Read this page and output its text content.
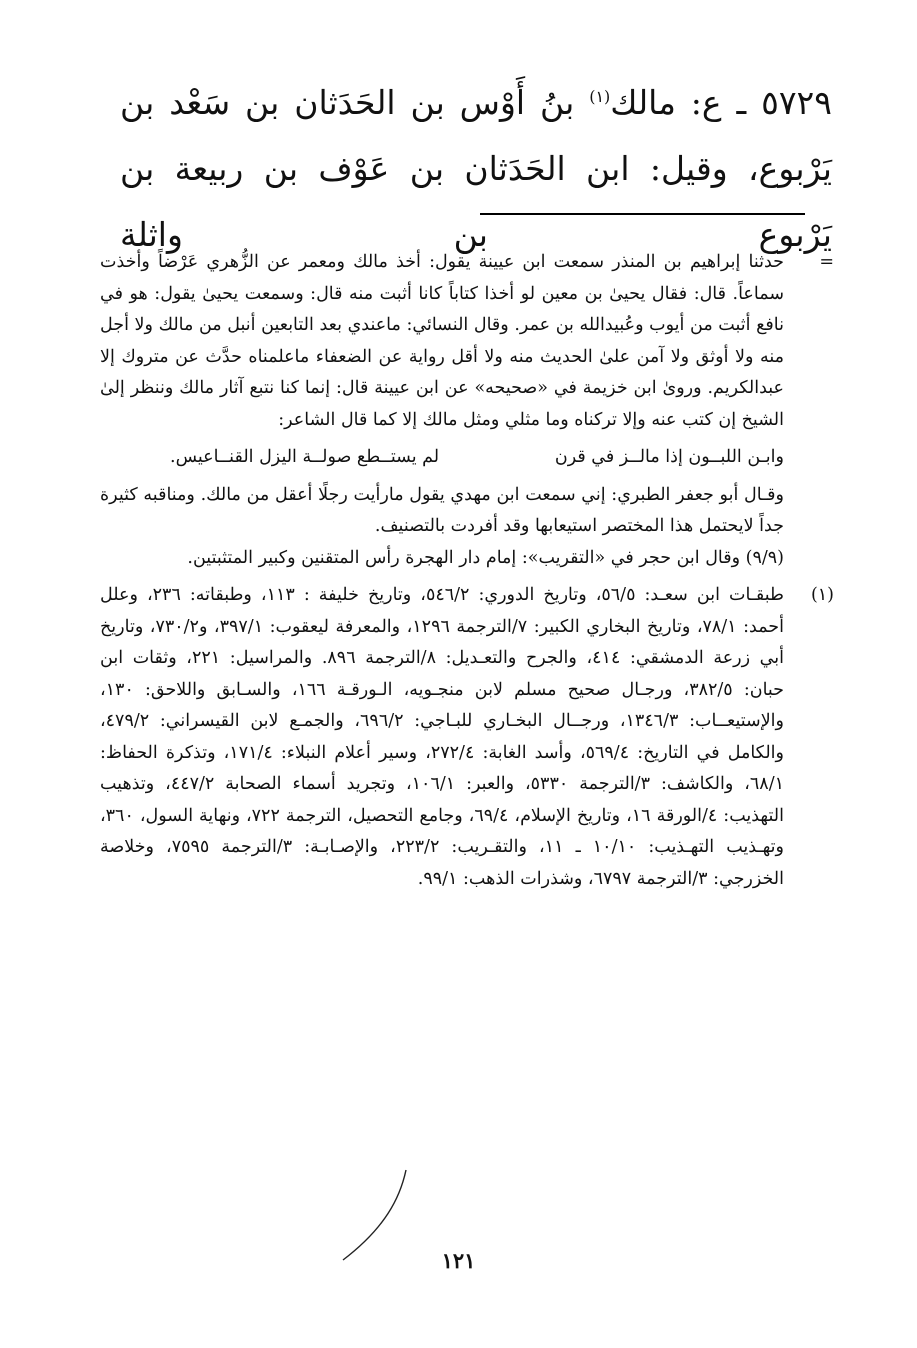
٥٧٢٩ ـ ع: مالك$^{(١)}$ بنُ أَوْس بن الحَدَثان بن سَعْد بن
يَرْبوع، وقيل: ابن الحَدَثان بن عَوْف بن ربيعة بن يَرْبوع بن واثلة
=

حدثنا إبراهيم بن المنذر سمعت ابن عيينة يقول: أخذ مالك ومعمر عن الزُّهري عَرْضاً وأخذت سماعاً. قال: فقال يحيىٰ بن معين لو أخذا كتاباً كانا أثبت منه قال: وسمعت يحيىٰ يقول: هو في نافع أثبت من أيوب وعُبيدالله بن عمر. وقال النسائي: ماعندي بعد التابعين أنبل من مالك ولا أجل منه ولا أوثق ولا آمن علىٰ الحديث منه ولا أقل رواية عن الضعفاء ماعلمناه حدَّث عن متروك إلا عبدالكريم. وروىٰ ابن خزيمة في «صحيحه» عن ابن عيينة قال: إنما كنا نتبع آثار مالك وننظر إلىٰ الشيخ إن كتب عنه وإلا تركناه وما مثلي ومثل مالك إلا كما قال الشاعر:

وابـن اللبــون إذا مالــز في قرن
لم يستــطع صولــة اليزل القنــاعيس.

وقـال أبو جعفر الطبري: إني سمعت ابن مهدي يقول مارأيت رجلًا أعقل من مالك. ومناقبه كثيرة جداً لايحتمل هذا المختصر استيعابها وقد أفردت بالتصنيف.

(٩/٩) وقال ابن حجر في «التقريب»: إمام دار الهجرة رأس المتقنين وكبير المتثبتين.

(١)

طبقـات ابن سعـد: ٥٦/٥، وتاريخ الدوري: ٥٤٦/٢، وتاريخ خليفة : ١١٣، وطبقاته: ٢٣٦، وعلل أحمد: ٧٨/١، وتاريخ البخاري الكبير: ٧/الترجمة ١٢٩٦، والمعرفة ليعقوب: ٣٩٧/١، و٧٣٠/٢، وتاريخ أبي زرعة الدمشقي: ٤١٤، والجرح والتعـديل: ٨/الترجمة ٨٩٦. والمراسيل: ٢٢١، وثقات ابن حبان: ٣٨٢/٥، ورجـال صحيح مسلم لابن منجـويه، الـورقـة ١٦٦، والسـابق واللاحق: ١٣٠، والإستيعــاب: ١٣٤٦/٣، ورجــال البخـاري للبـاجي: ٦٩٦/٢، والجمـع لابن القيسراني: ٤٧٩/٢، والكامل في التاريخ: ٥٦٩/٤، وأسد الغابة: ٢٧٢/٤، وسير أعلام النبلاء: ١٧١/٤، وتذكرة الحفاظ: ٦٨/١، والكاشف: ٣/الترجمة ٥٣٣٠، والعبر: ١٠٦/١، وتجريد أسماء الصحابة ٤٤٧/٢، وتذهيب التهذيب: ٤/الورقة ١٦، وتاريخ الإسلام، ٦٩/٤، وجامع التحصيل، الترجمة ٧٢٢، ونهاية السول، ٣٦٠، وتهـذيب التهـذيب: ١٠/١٠ ـ ١١، والتقـريب: ٢٢٣/٢، والإصـابـة: ٣/الترجمة ٧٥٩٥، وخلاصة الخزرجي: ٣/الترجمة ٦٧٩٧، وشذرات الذهب: ٩٩/١.

١٢١
